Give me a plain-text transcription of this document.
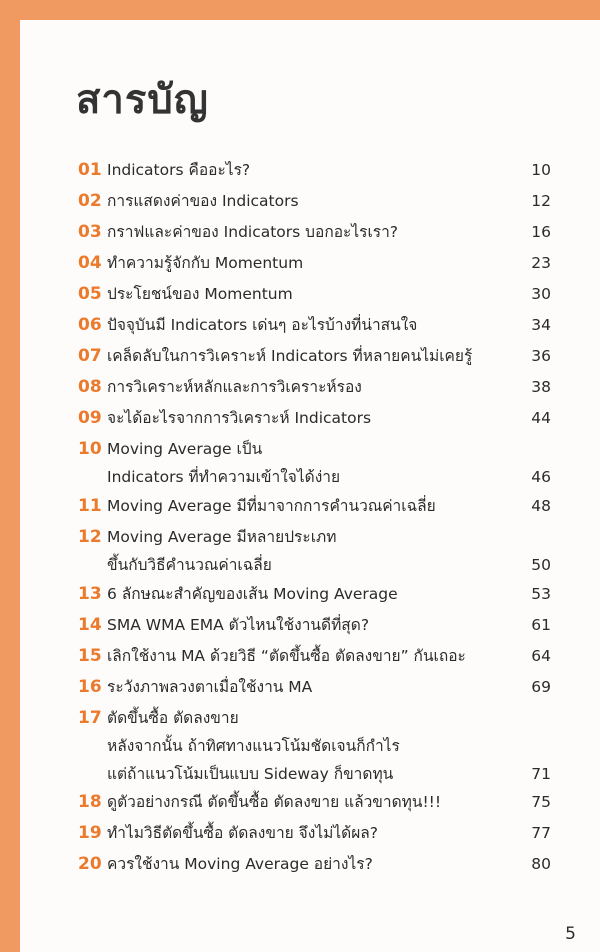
สารบัญ
01 Indicators คืออะไร?	10
02 การแสดงค่าของ Indicators	12
03 กราฟและค่าของ Indicators บอกอะไรเรา?	16
04 ทำความรู้จักกับ Momentum	23
05 ประโยชน์ของ Momentum	30
06 ปัจจุบันมี Indicators เด่นๆ อะไรบ้างที่น่าสนใจ	34
07 เคล็ดลับในการวิเคราะห์ Indicators ที่หลายคนไม่เคยรู้	36
08 การวิเคราะห์หลักและการวิเคราะห์รอง	38
09 จะได้อะไรจากการวิเคราะห์ Indicators	44
10 Moving Average เป็น
Indicators ที่ทำความเข้าใจได้ง่าย	46
11 Moving Average มีที่มาจากการคำนวณค่าเฉลี่ย	48
12 Moving Average มีหลายประเภท
ขึ้นกับวิธีคำนวณค่าเฉลี่ย	50
13 6 ลักษณะสำคัญของเส้น Moving Average	53
14 SMA WMA EMA ตัวไหนใช้งานดีที่สุด?	61
15 เลิกใช้งาน MA ด้วยวิธี “ตัดขึ้นซื้อ ตัดลงขาย” กันเถอะ	64
16 ระวังภาพลวงตาเมื่อใช้งาน MA	69
17 ตัดขึ้นซื้อ ตัดลงขาย
หลังจากนั้น ถ้าทิศทางแนวโน้มชัดเจนก็กำไร
แต่ถ้าแนวโน้มเป็นแบบ Sideway ก็ขาดทุน	71
18 ดูตัวอย่างกรณี ตัดขึ้นซื้อ ตัดลงขาย แล้วขาดทุน!!!	75
19 ทำไมวิธีตัดขึ้นซื้อ ตัดลงขาย จึงไม่ได้ผล?	77
20 ควรใช้งาน Moving Average อย่างไร?	80
5
